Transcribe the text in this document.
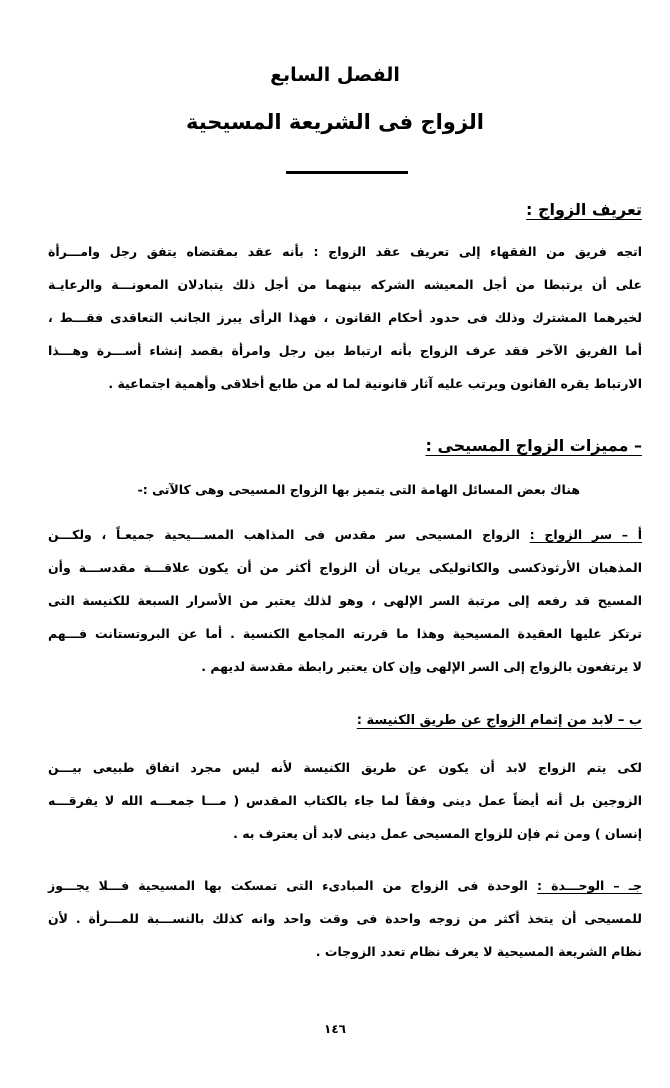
الفصل السابع
الزواج فى الشريعة المسيحية
تعريف الزواج :
اتجه فريق من الفقهاء إلى تعريف عقد الزواج : بأنه عقد بمقتضاه يتفق رجل وامـــرأة
على أن يرتبطا من أجل المعيشه الشركه بينهما من أجل ذلك يتبادلان المعونـــة والرعايـة
لخيرهما المشترك وذلك فى حدود أحكام القانون ، فهذا الرأى يبرز الجانب التعاقدى فقـــط ،
أما الفريق الآخر فقد عرف الزواج بأنه ارتباط بين رجل وامرأة بقصد إنشاء أســـرة وهـــذا
الارتباط يقره القانون ويرتب عليه آثار قانونية لما له من طابع أخلاقى وأهمية اجتماعية .
– مميزات الزواج المسيحى :
هناك بعض المسائل الهامة التى يتميز بها الزواج المسيحى وهى كالآتى :-
أ – سر الزواج : الزواج المسيحى سر مقدس فى المذاهب المســـيحية جميعـاً ، ولكـــن
المذهبان الأرثوذكسى والكاثوليكى يريان أن الزواج أكثر من أن يكون علاقـــة مقدســـة وأن
المسيح قد رفعه إلى مرتبة السر الإلهى ، وهو لذلك يعتبر من الأسرار السبعة للكنيسة التى
ترتكز عليها العقيدة المسيحية وهذا ما قررته المجامع الكنسية . أما عن البروتستانت فـــهم
لا يرتفعون بالزواج إلى السر الإلهى وإن كان يعتبر رابطة مقدسة لديهم .
ب – لابد من إتمام الزواج عن طريق الكنيسة :
لكى يتم الزواج لابد أن يكون عن طريق الكنيسة لأنه ليس مجرد اتفاق طبيعى بيـــن
الزوجين بل أنه أيضاً عمل دينى وفقاً لما جاء بالكتاب المقدس ( مـــا جمعـــه الله لا يفرقـــه
إنسان ) ومن ثم فإن للزواج المسيحى عمل دينى لابد أن يعترف به .
جـ – الوحـــدة : الوحدة فى الزواج من المبادىء التى تمسكت بها المسيحية فـــلا يجـــوز
للمسيحى أن يتخذ أكثر من زوجه واحدة فى وقت واحد وانه كذلك بالنســـبة للمـــرأة . لأن
نظام الشريعة المسيحية لا يعرف نظام تعدد الزوجات .
١٤٦
